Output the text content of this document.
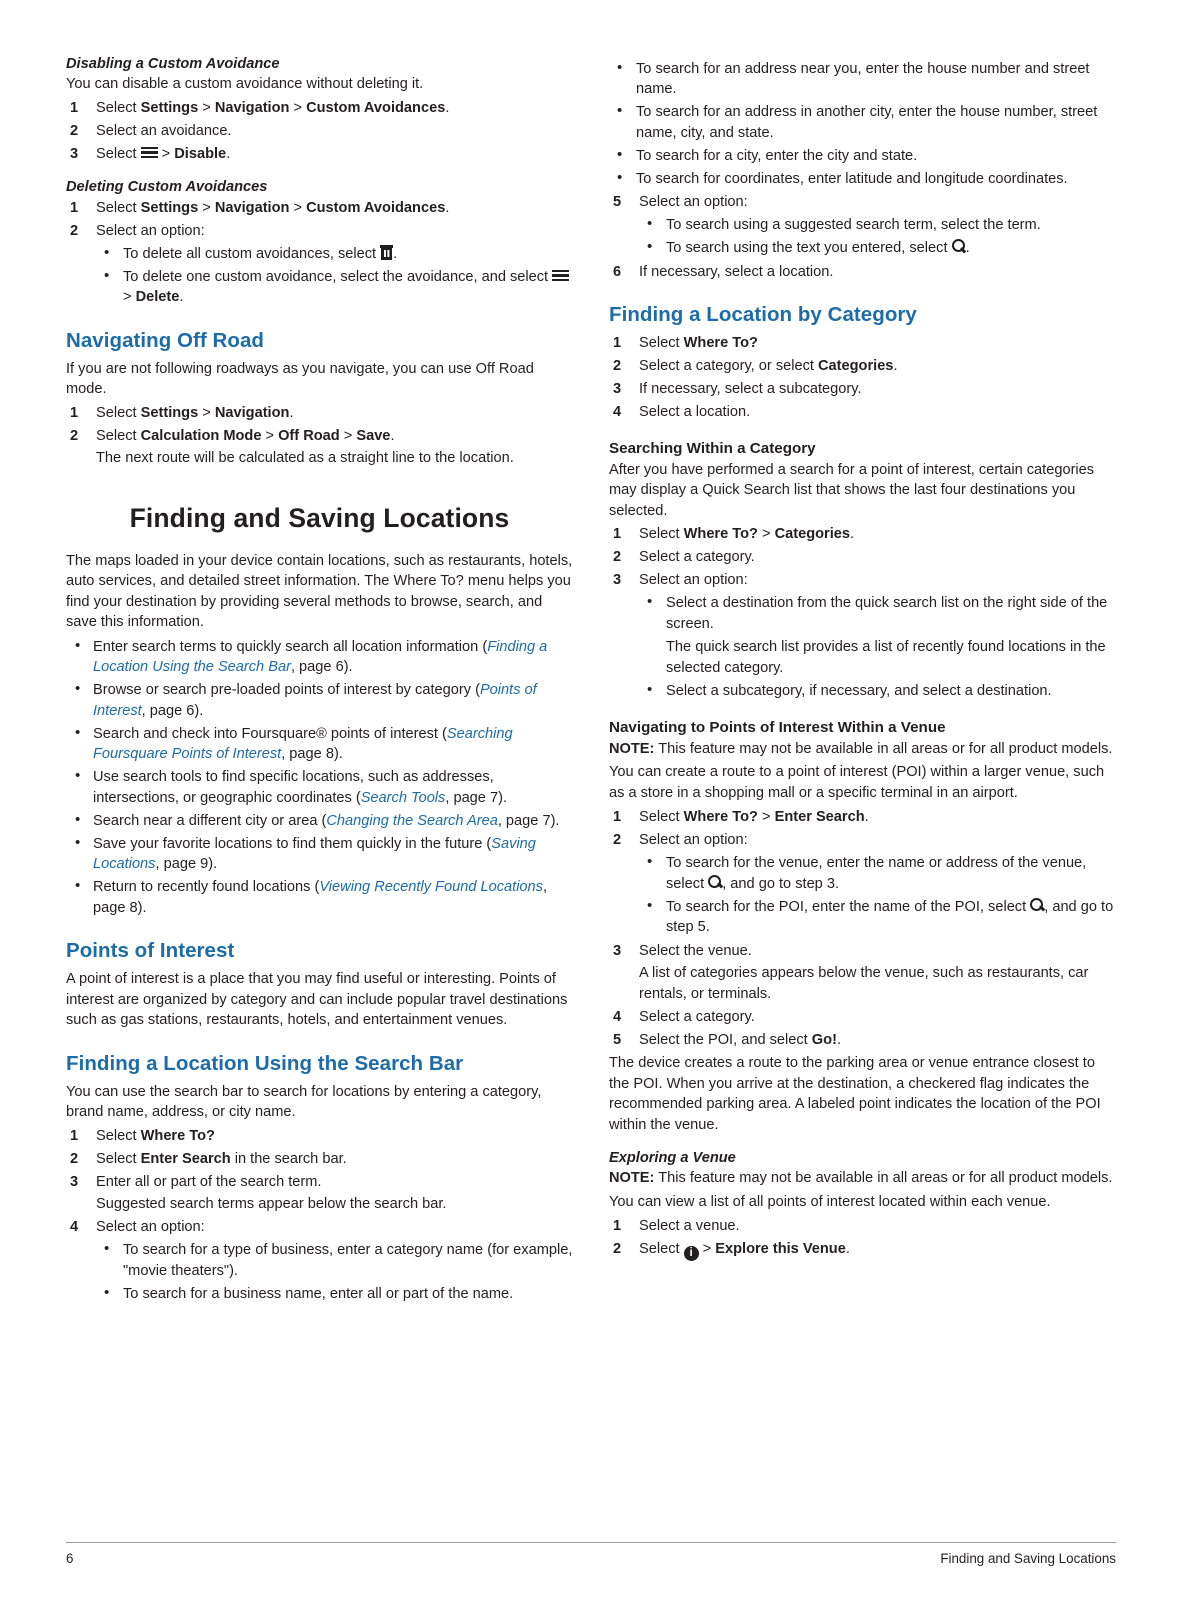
Disabling a Custom Avoidance

You can disable a custom avoidance without deleting it.

1 Select Settings > Navigation > Custom Avoidances.
2 Select an avoidance.
3 Select
> Disable.
Deleting Custom Avoidances
1 Select Settings > Navigation > Custom Avoidances.
2 Select an option:
• To delete all custom avoidances, select
.
• To delete one custom avoidance, select the avoidance, and select
> Delete.
Navigating Off Road

If you are not following roadways as you navigate, you can use Off Road mode.

1 Select Settings > Navigation.
2 Select Calculation Mode > Off Road > Save.
The next route will be calculated as a straight line to the location.
Finding and Saving Locations

The maps loaded in your device contain locations, such as restaurants, hotels, auto services, and detailed street information. The Where To? menu helps you find your destination by providing several methods to browse, search, and save this information.

• Enter search terms to quickly search all location information (Finding a Location Using the Search Bar, page 6).
• Browse or search pre-loaded points of interest by category (Points of Interest, page 6).
• Search and check into Foursquare® points of interest (Searching Foursquare Points of Interest, page 8).
• Use search tools to find specific locations, such as addresses, intersections, or geographic coordinates (Search Tools, page 7).
• Search near a different city or area (Changing the Search Area, page 7).
• Save your favorite locations to find them quickly in the future (Saving Locations, page 9).
• Return to recently found locations (Viewing Recently Found Locations, page 8).
Points of Interest

A point of interest is a place that you may find useful or interesting. Points of interest are organized by category and can include popular travel destinations such as gas stations, restaurants, hotels, and entertainment venues.

Finding a Location Using the Search Bar

You can use the search bar to search for locations by entering a category, brand name, address, or city name.

1 Select Where To?
2 Select Enter Search in the search bar.
3 Enter all or part of the search term.
Suggested search terms appear below the search bar.
4 Select an option:
• To search for a type of business, enter a category name (for example, "movie theaters").
• To search for a business name, enter all or part of the name.
• To search for an address near you, enter the house number and street name.
• To search for an address in another city, enter the house number, street name, city, and state.
• To search for a city, enter the city and state.
• To search for coordinates, enter latitude and longitude coordinates.
5 Select an option:
• To search using a suggested search term, select the term.
• To search using the text you entered, select
.
6 If necessary, select a location.
Finding a Location by Category
1 Select Where To?
2 Select a category, or select Categories.
3 If necessary, select a subcategory.
4 Select a location.
Searching Within a Category

After you have performed a search for a point of interest, certain categories may display a Quick Search list that shows the last four destinations you selected.

1 Select Where To? > Categories.
2 Select a category.
3 Select an option:
• Select a destination from the quick search list on the right side of the screen.
The quick search list provides a list of recently found locations in the selected category.
• Select a subcategory, if necessary, and select a destination.
Navigating to Points of Interest Within a Venue

NOTE: This feature may not be available in all areas or for all product models.

You can create a route to a point of interest (POI) within a larger venue, such as a store in a shopping mall or a specific terminal in an airport.

1 Select Where To? > Enter Search.
2 Select an option:
• To search for the venue, enter the name or address of the venue, select
, and go to step 3.
• To search for the POI, enter the name of the POI, select
, and go to step 5.
3 Select the venue.
A list of categories appears below the venue, such as restaurants, car rentals, or terminals.
4 Select a category.
5 Select the POI, and select Go!.

The device creates a route to the parking area or venue entrance closest to the POI. When you arrive at the destination, a checkered flag indicates the recommended parking area. A labeled point indicates the location of the POI within the venue.

Exploring a Venue

NOTE: This feature may not be available in all areas or for all product models.

You can view a list of all points of interest located within each venue.

1 Select a venue.
2 Select i > Explore this Venue.
6	Finding and Saving Locations
